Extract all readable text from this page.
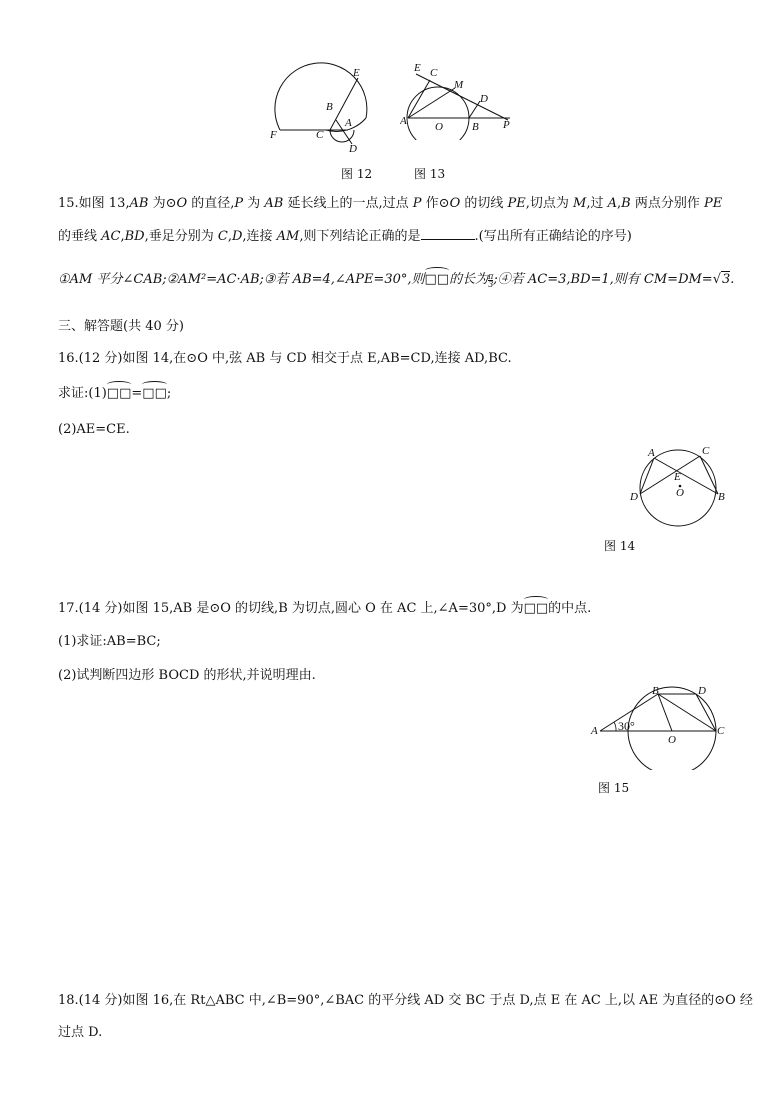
E
B
A
F	C
D
E C
M
D
A	O	B P
图 12	图 13
15.如图 13,AB 为⊙O 的直径,P 为 AB 延长线上的一点,过点 P 作⊙O 的切线 PE,切点为 M,过 A,B 两点分别作 PE
的垂线 AC,BD,垂足分别为 C,D,连接 AM,则下列结论正确的是	.(写出所有正确结论的序号)
①AM 平分∠CAB;②AM²=AC·AB;③若 AB=4,∠APE=30°,则□□的长为 $\frac{\pi}{3}$ ;④若 AC=3,BD=1,则有 CM=DM=√3.
三、解答题(共 40 分)
16.(12 分)如图 14,在⊙O 中,弦 AB 与 CD 相交于点 E,AB=CD,连接 AD,BC.
求证:(1)□□=□□;
(2)AE=CE.
A	C
E
O
D	B
图 14
17.(14 分)如图 15,AB 是⊙O 的切线,B 为切点,圆心 O 在 AC 上,∠A=30°,D 为□□的中点.
(1)求证:AB=BC;
(2)试判断四边形 BOCD 的形状,并说明理由.
B	D
A 30°
O
C
图 15
18.(14 分)如图 16,在 Rt△ABC 中,∠B=90°,∠BAC 的平分线 AD 交 BC 于点 D,点 E 在 AC 上,以 AE 为直径的⊙O 经
过点 D.
